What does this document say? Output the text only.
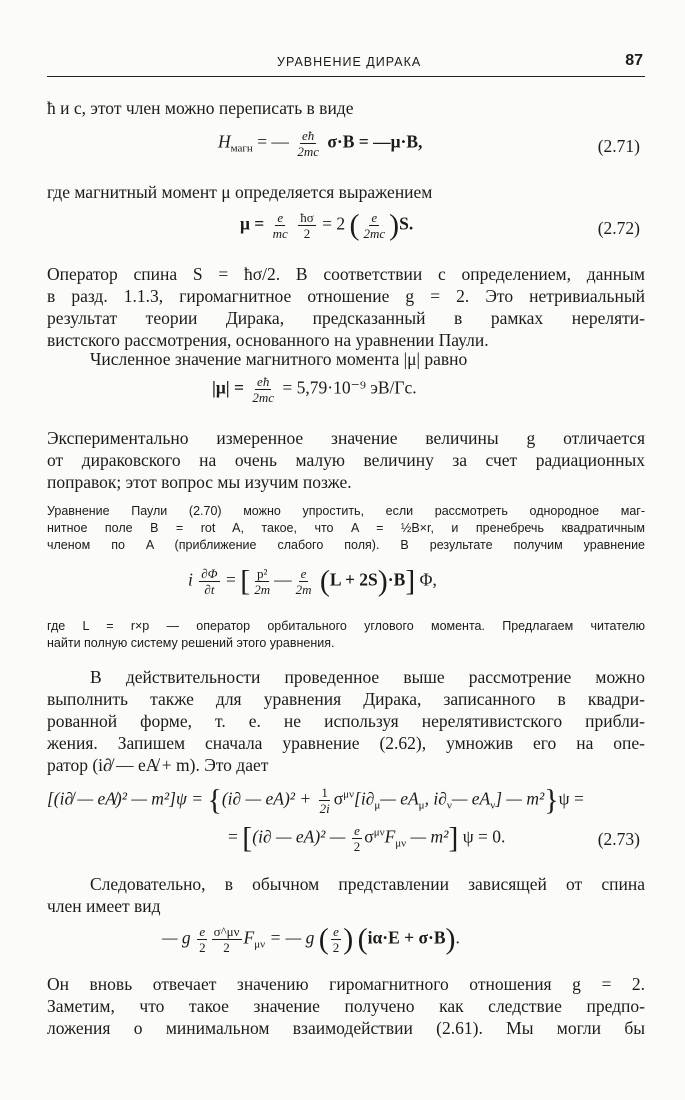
УРАВНЕНИЕ ДИРАКА	87
ħ и c, этот член можно переписать в виде
$H_{магн}$ = — $\frac{eħ}{2mc} \sigma\cdot B$ = —μ·B,	(2.71)
где магнитный момент μ определяется выражением
$\mu = \frac{e}{mc}$
$\frac{ħ\sigma}{2} = 2$ ( $\frac{e}{2mc} )S$.	(2.72)
Оператор спина S = ħσ/2. В соответствии с определением, данным
в разд. 1.1.3, гиромагнитное отношение g = 2. Это нетривиальный
результат теории Дирака, предсказанный в рамках нереляти-
вистского рассмотрения, основанного на уравнении Паули.
Численное значение магнитного момента |μ| равно
$|\mu| = \frac{eħ}{2mc} = 5,79\cdot 10^{-9}$ эВ/Гс.
Экспериментально измеренное значение величины g отличается
от дираковского на очень малую величину за счет радиационных
поправок; этот вопрос мы изучим позже.
Уравнение Паули (2.70) можно упростить, если рассмотреть однородное маг-
нитное поле B = rot A, такое, что A = ½B×r, и пренебречь квадратичным
членом по A (приближение слабого поля). В результате получим уравнение
i $\frac{\partial\Phi}{\partial t}$ = [ $\frac{\text{p²}}{2m}$ — $\frac{e}{2m} (L + 2S)\cdot B$] Φ,
где L = r×p — оператор орбитального углового момента. Предлагаем читателю
найти полную систему решений этого уравнения.
В действительности проведенное выше рассмотрение можно
выполнить также для уравнения Дирака, записанного в квадри-
рованной форме, т. е. не используя нерелятивистского прибли-
жения. Запишем сначала уравнение (2.62), умножив его на опе-
ратор (i∂̸ — eA̸ + m). Это дает
[(i∂̸ — eA̸)² — m²]ψ = {(i∂ — $eA)^2 + \frac{1}{2i}$ $\sigma^{\mu\nu}[i\partial_\mu—$ $eA_\mu$, $i\partial_\nu—$ $eA_\nu$] — m²}ψ =
= [(i∂ — eA)² — $\frac{e}{2} \sigma^{\mu\nu}F_{\mu\nu}$ — m²] ψ = 0.	(2.73)
Следовательно, в обычном представлении зависящей от спина
член имеет вид
— g $\frac{e}{2} \frac{\sigma\^{}\mu\nu}{2} F_{\mu\nu}$ = — g ( $\frac{e}{2}$ ) (iα·E + σ·B).
Он вновь отвечает значению гиромагнитного отношения g = 2.
Заметим, что такое значение получено как следствие предпо-
ложения о минимальном взаимодействии (2.61). Мы могли бы
